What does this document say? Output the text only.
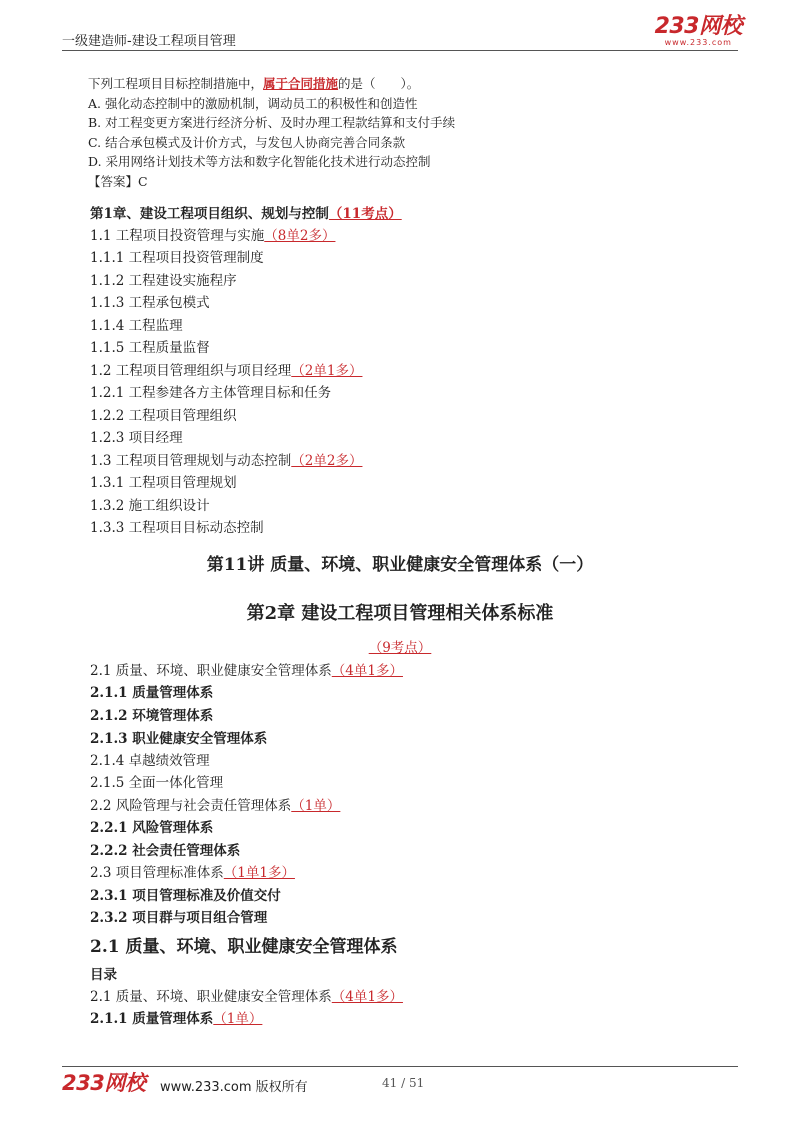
一级建造师-建设工程项目管理
233网校
www.233.com
下列工程项目目标控制措施中，属于合同措施的是（　　）。
A. 强化动态控制中的激励机制，调动员工的积极性和创造性
B. 对工程变更方案进行经济分析、及时办理工程款结算和支付手续
C. 结合承包模式及计价方式，与发包人协商完善合同条款
D. 采用网络计划技术等方法和数字化智能化技术进行动态控制
【答案】C
第1章、建设工程项目组织、规划与控制（11考点）
1.1 工程项目投资管理与实施（8单2多）
1.1.1 工程项目投资管理制度
1.1.2 工程建设实施程序
1.1.3 工程承包模式
1.1.4 工程监理
1.1.5 工程质量监督
1.2 工程项目管理组织与项目经理（2单1多）
1.2.1 工程参建各方主体管理目标和任务
1.2.2 工程项目管理组织
1.2.3 项目经理
1.3 工程项目管理规划与动态控制（2单2多）
1.3.1 工程项目管理规划
1.3.2 施工组织设计
1.3.3 工程项目目标动态控制
第11讲 质量、环境、职业健康安全管理体系（一）
第2章 建设工程项目管理相关体系标准
（9考点）
2.1 质量、环境、职业健康安全管理体系（4单1多）
2.1.1 质量管理体系
2.1.2 环境管理体系
2.1.3 职业健康安全管理体系
2.1.4 卓越绩效管理
2.1.5 全面一体化管理
2.2 风险管理与社会责任管理体系（1单）
2.2.1 风险管理体系
2.2.2 社会责任管理体系
2.3 项目管理标准体系（1单1多）
2.3.1 项目管理标准及价值交付
2.3.2 项目群与项目组合管理
2.1 质量、环境、职业健康安全管理体系
目录
2.1 质量、环境、职业健康安全管理体系（4单1多）
2.1.1 质量管理体系（1单）
233网校 www.233.com 版权所有	41 / 51
